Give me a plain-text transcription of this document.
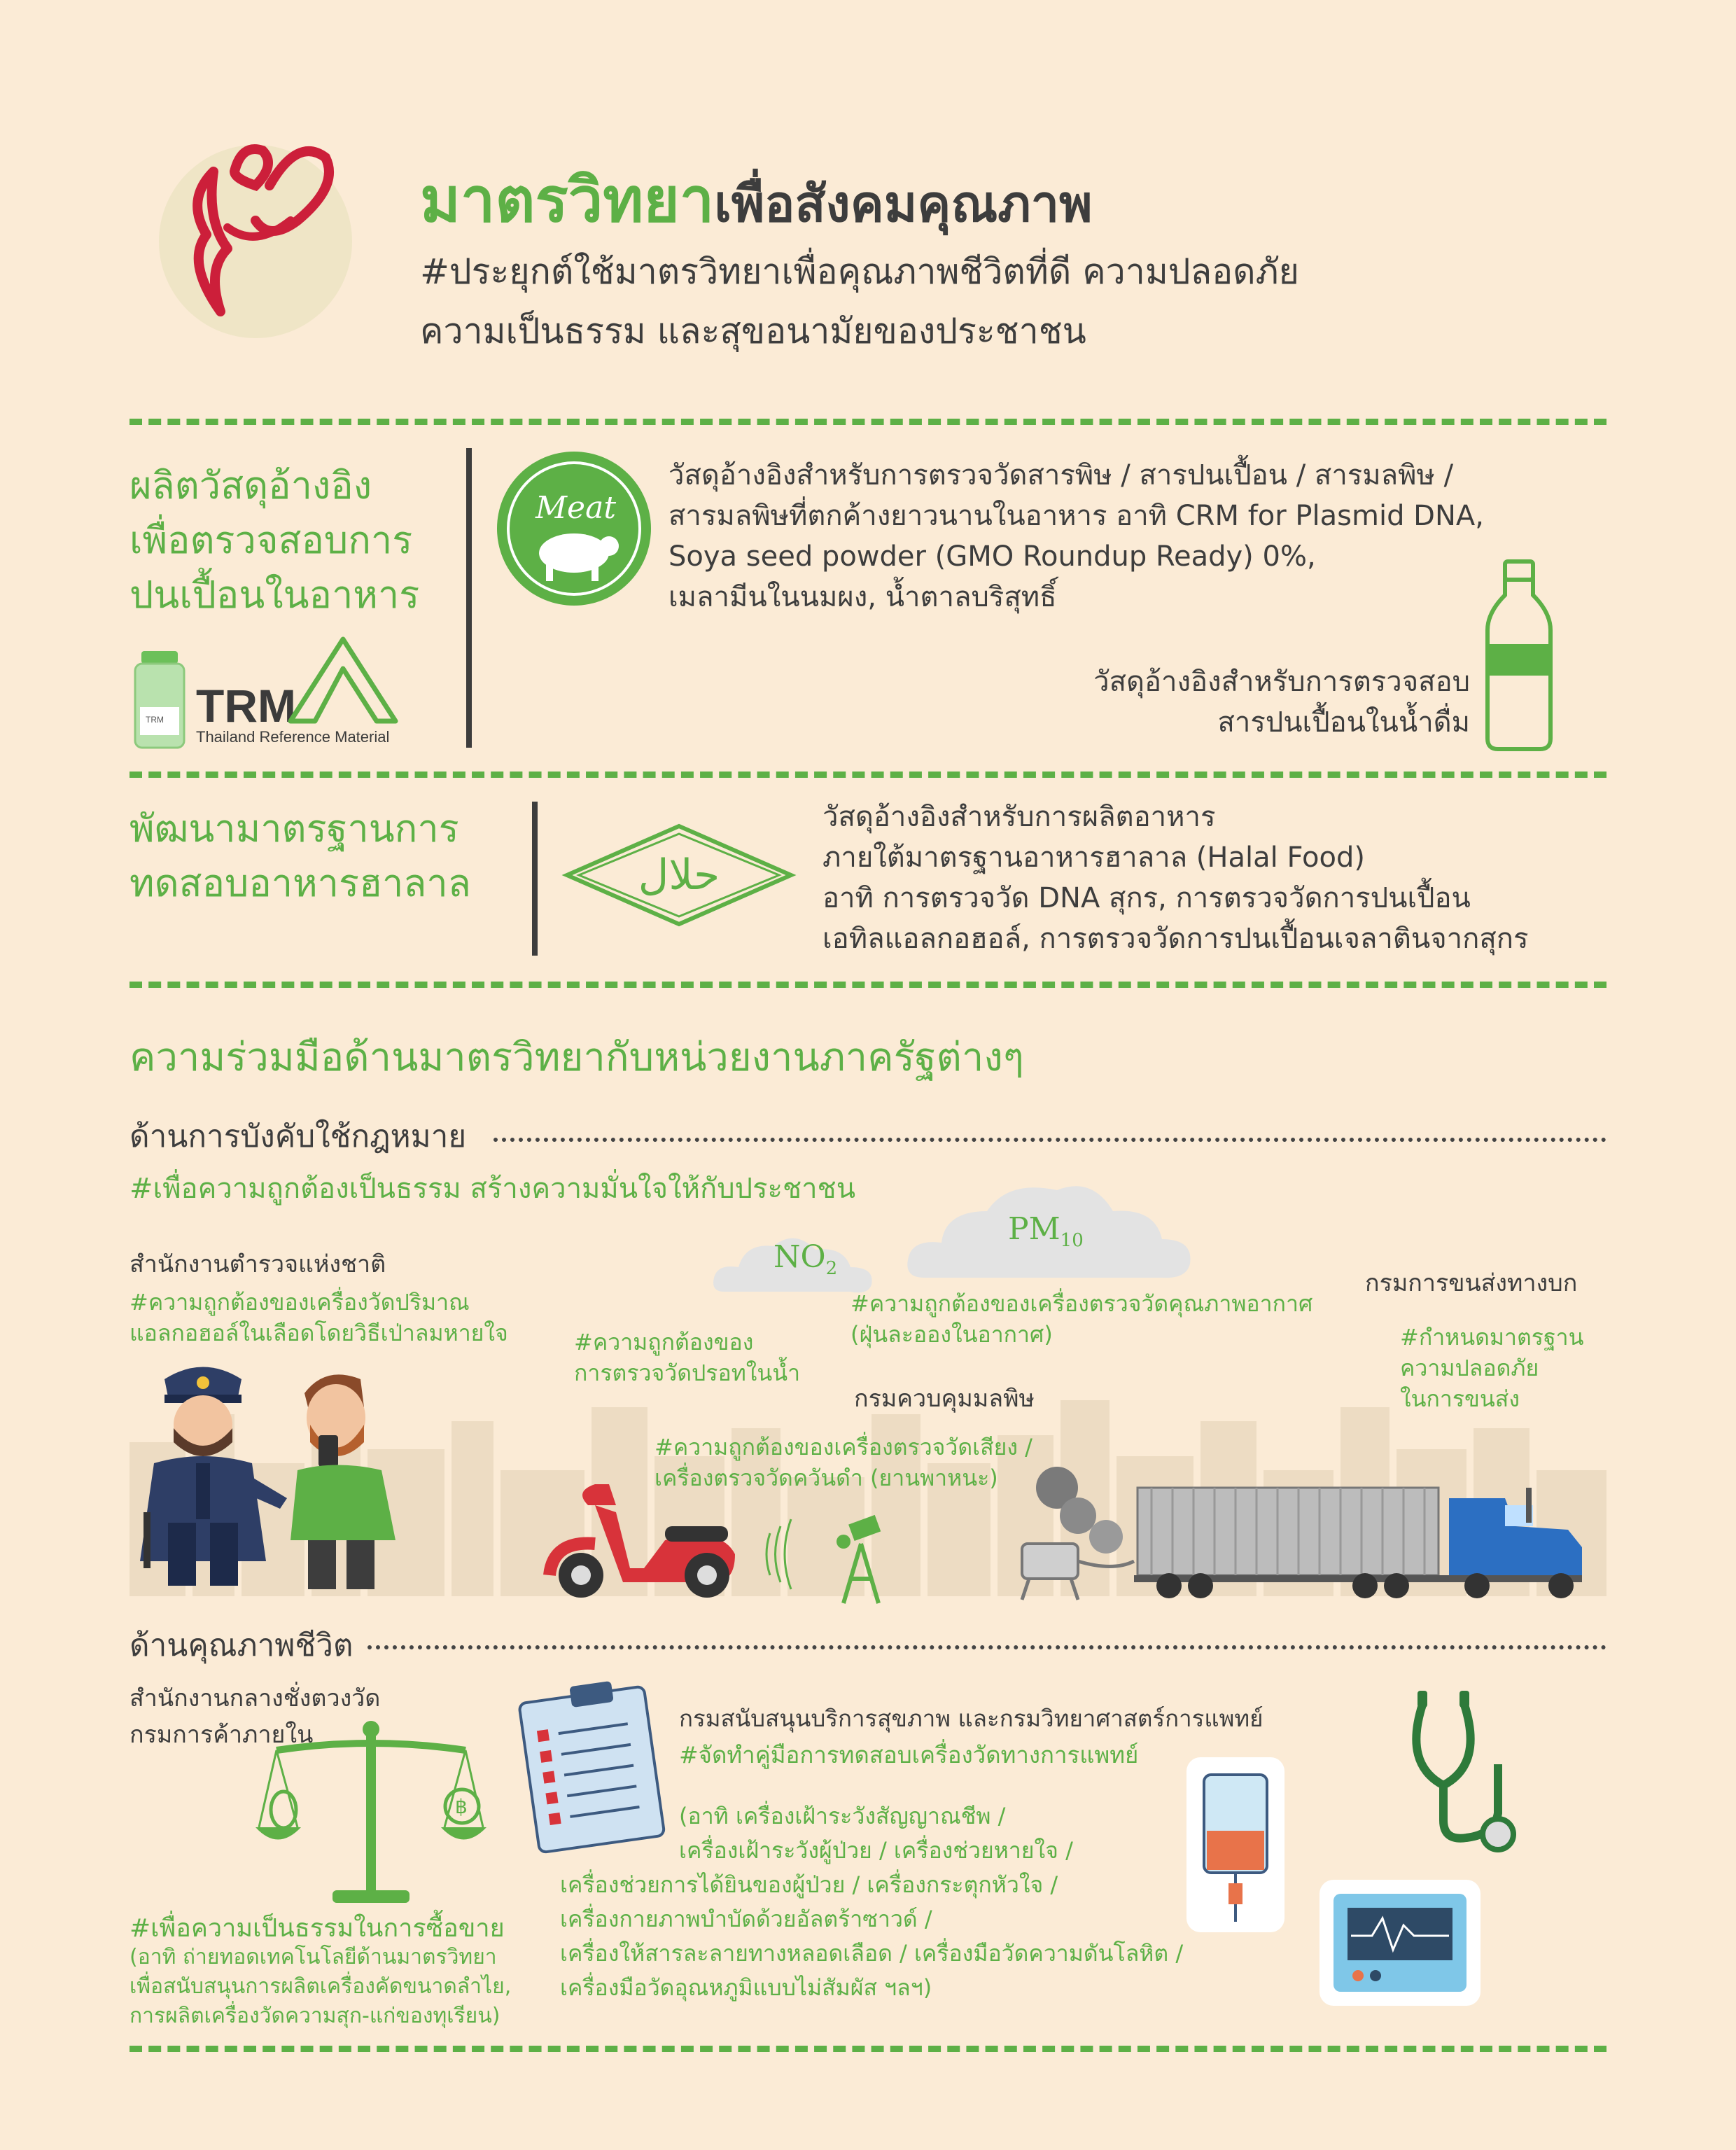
มาตรวิทยาเพื่อสังคมคุณภาพ
#ประยุกต์ใช้มาตรวิทยาเพื่อคุณภาพชีวิตที่ดี ความปลอดภัย
ความเป็นธรรม และสุขอนามัยของประชาชน
ผลิตวัสดุอ้างอิง
เพื่อตรวจสอบการ
ปนเปื้อนในอาหาร
TRM TRM
Thailand Reference Material
Meat
วัสดุอ้างอิงสำหรับการตรวจวัดสารพิษ / สารปนเปื้อน / สารมลพิษ /
สารมลพิษที่ตกค้างยาวนานในอาหาร อาทิ CRM for Plasmid DNA,
Soya seed powder (GMO Roundup Ready) 0%,
เมลามีนในนมผง, น้ำตาลบริสุทธิ์
วัสดุอ้างอิงสำหรับการตรวจสอบ
สารปนเปื้อนในน้ำดื่ม
พัฒนามาตรฐานการ
ทดสอบอาหารฮาลาล	حلال
วัสดุอ้างอิงสำหรับการผลิตอาหาร
ภายใต้มาตรฐานอาหารฮาลาล (Halal Food)
อาทิ การตรวจวัด DNA สุกร, การตรวจวัดการปนเปื้อน
เอทิลแอลกอฮอล์, การตรวจวัดการปนเปื้อนเจลาตินจากสุกร
ความร่วมมือด้านมาตรวิทยากับหน่วยงานภาครัฐต่างๆ
ด้านการบังคับใช้กฎหมาย
#เพื่อความถูกต้องเป็นธรรม สร้างความมั่นใจให้กับประชาชน
$NO_2$
$PM_{10}$
สำนักงานตำรวจแห่งชาติ
#ความถูกต้องของเครื่องวัดปริมาณ
แอลกอฮอล์ในเลือดโดยวิธีเป่าลมหายใจ	#ความถูกต้องของ
การตรวจวัดปรอทในน้ำ
#ความถูกต้องของเครื่องตรวจวัดคุณภาพอากาศ
(ฝุ่นละอองในอากาศ)
กรมควบคุมมลพิษ
#ความถูกต้องของเครื่องตรวจวัดเสียง /
เครื่องตรวจวัดควันดำ (ยานพาหนะ)
กรมการขนส่งทางบก
#กำหนดมาตรฐาน
ความปลอดภัย
ในการขนส่ง
ด้านคุณภาพชีวิต
สำนักงานกลางชั่งตวงวัด
กรมการค้าภายใน
฿
#เพื่อความเป็นธรรมในการซื้อขาย
(อาทิ ถ่ายทอดเทคโนโลยีด้านมาตรวิทยา
เพื่อสนับสนุนการผลิตเครื่องคัดขนาดลำไย,
การผลิตเครื่องวัดความสุก-แก่ของทุเรียน)
กรมสนับสนุนบริการสุขภาพ และกรมวิทยาศาสตร์การแพทย์
#จัดทำคู่มือการทดสอบเครื่องวัดทางการแพทย์
(อาทิ เครื่องเฝ้าระวังสัญญาณชีพ /
เครื่องเฝ้าระวังผู้ป่วย / เครื่องช่วยหายใจ /
เครื่องช่วยการได้ยินของผู้ป่วย / เครื่องกระตุกหัวใจ /
เครื่องกายภาพบำบัดด้วยอัลตร้าซาวด์ /
เครื่องให้สารละลายทางหลอดเลือด / เครื่องมือวัดความดันโลหิต /
เครื่องมือวัดอุณหภูมิแบบไม่สัมผัส ฯลฯ)
